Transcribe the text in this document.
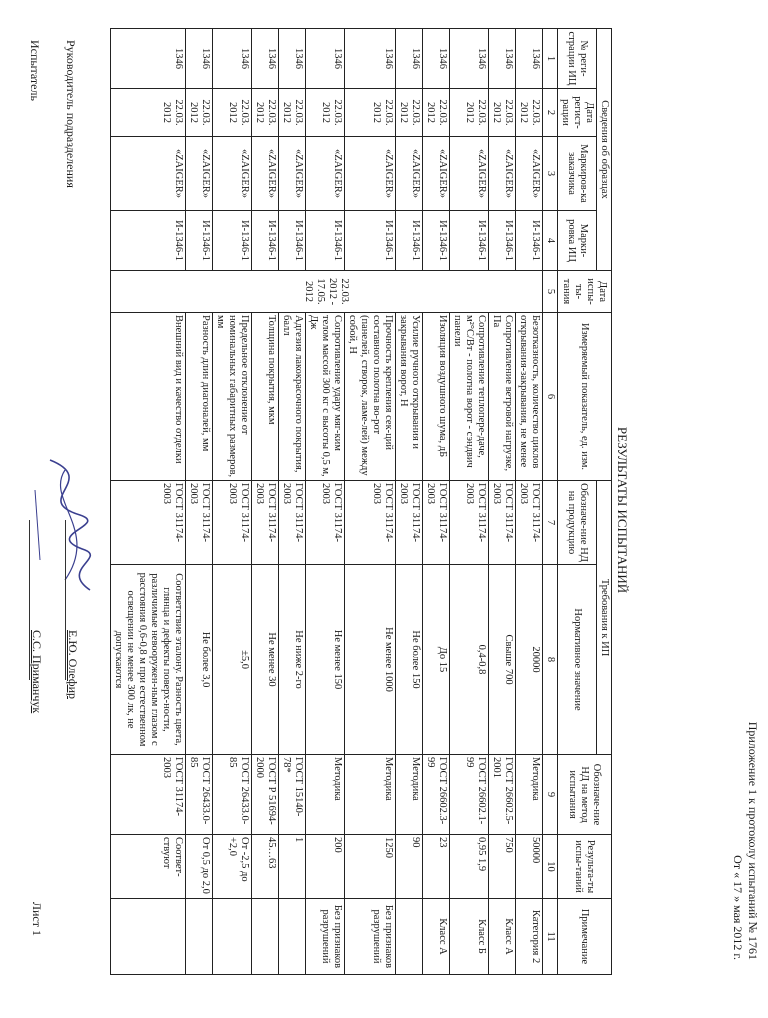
Приложение 1 к протоколу испытаний № 1761
От « 17 » мая 2012 г.
РЕЗУЛЬТАТЫ ИСПЫТАНИЙ
Сведения об образцах				Дата испы-ты-тания	Измеряемый показатель, ед. изм.	Требования к ИП		Обозначе-ние НД на метод испытания	Результа-ты испы-таний	Примечание
№ реги-страции ИЦ	Дата регист-рации	Маркиров-ка заказчика	Марки-ровка ИЦ			Обозначе-ние НД на продукцию	Нормативное значение			
1	2	3	4	5	6	7	8	9	10	11
1346	22.03. 2012	«ZAIGER»	И-1346-1	22.03. 2012 - 17.05. 2012	Безотказность, количество циклов открывания-закрывания, не менее	ГОСТ 31174-2003	20000	Методика	50000	Категория 2
1346	22.03. 2012	«ZAIGER»	И-1346-1		Сопротивление ветровой нагрузке, Па	ГОСТ 31174-2003	Свыше 700	ГОСТ 26602.5-2001	750	Класс А
1346	22.03. 2012	«ZAIGER»	И-1346-1		Сопротивление теплопере-даче, м²°С/Вт - полотна ворот - сэндвич панели	ГОСТ 31174-2003	0,4-0,8	ГОСТ 26602.1-99	0,95 1,9	Класс Б
1346	22.03. 2012	«ZAIGER»	И-1346-1		Изоляция воздушного шума, дБ	ГОСТ 31174-2003	До 15	ГОСТ 26602.3-99	23	Класс А
1346	22.03. 2012	«ZAIGER»	И-1346-1		Усилие ручного открывания и закрывания ворот, Н	ГОСТ 31174-2003	Не более 150	Методика	90	
1346	22.03. 2012	«ZAIGER»	И-1346-1		Прочность крепления сек-ций составного полотна во-рот (панелей, створок, ламе-лей) между собой, Н	ГОСТ 31174-2003	Не менее 1000	Методика	1250	Без признаков разрушений
1346	22.03. 2012	«ZAIGER»	И-1346-1		Сопротивление удару мяг-ким телом массой 300 кг с высоты 0,5 м, Дж	ГОСТ 31174-2003	Не менее 150	Методика	200	Без признаков разрушений
1346	22.03. 2012	«ZAIGER»	И-1346-1		Адгезия лакокрасочного покрытия, балл	ГОСТ 31174-2003	Не ниже 2-го	ГОСТ 15140-78*	1	
1346	22.03. 2012	«ZAIGER»	И-1346-1		Толщина покрытия, мкм	ГОСТ 31174-2003	Не менее 30	ГОСТ Р 51694-2000	45…63	
1346	22.03. 2012	«ZAIGER»	И-1346-1		Предельное отклонение от номинальных габаритных размеров, мм	ГОСТ 31174-2003	±5,0	ГОСТ 26433.0-85	От -2,5 до +2,0	
1346	22.03. 2012	«ZAIGER»	И-1346-1		Разность длин диагоналей, мм	ГОСТ 31174-2003	Не более 3,0	ГОСТ 26433.0-85	От 0,5 до 2,0	
1346	22.03. 2012	«ZAIGER»	И-1346-1		Внешний вид и качество отделки	ГОСТ 31174-2003	Соответствие эталону. Разность цвета, глянца и дефекты поверх-ности, различимые невооружен-ным глазом с расстояния 0,6-0,8 м при естественном освещении не менее 300 лк, не допускаются	ГОСТ 31174-2003	Соответ-ствуют	
Руководитель подразделения
Е.Ю. Олефир
Испытатель
С.С. Приманчук
Лист 1
